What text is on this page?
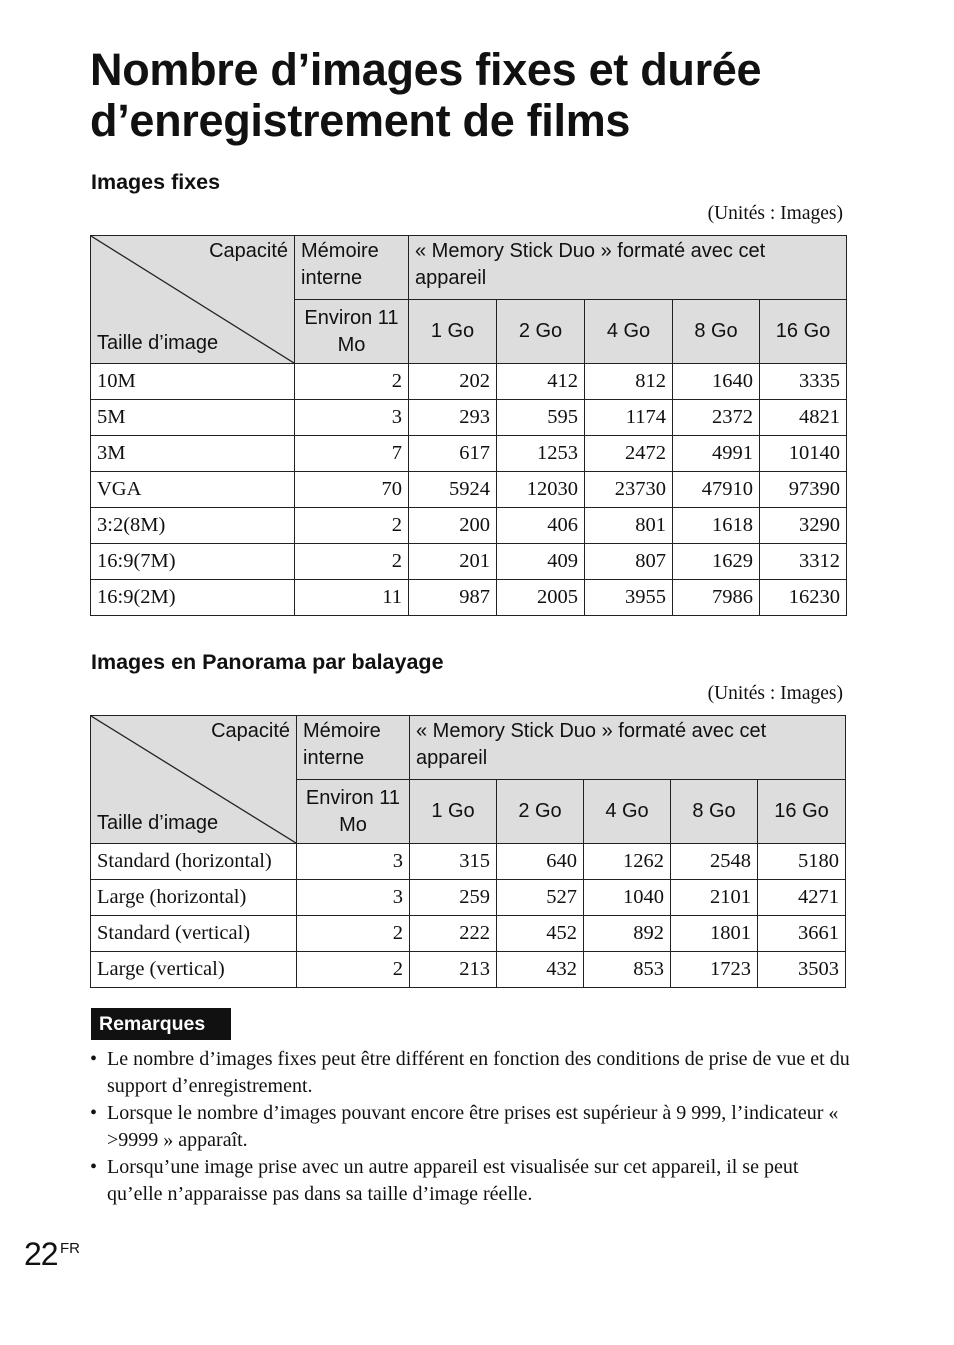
Nombre d’images fixes et durée d’enregistrement de films
Images fixes
(Unités : Images)
Capacité
Taille d’image	Mémoire interne	« Memory Stick Duo » formaté avec cet appareil				
	Environ 11 Mo	1 Go	2 Go	4 Go	8 Go	16 Go
10M	2	202	412	812	1640	3335
5M	3	293	595	1174	2372	4821
3M	7	617	1253	2472	4991	10140
VGA	70	5924	12030	23730	47910	97390
3:2(8M)	2	200	406	801	1618	3290
16:9(7M)	2	201	409	807	1629	3312
16:9(2M)	11	987	2005	3955	7986	16230
Images en Panorama par balayage
(Unités : Images)
Capacité
Taille d’image	Mémoire interne	« Memory Stick Duo » formaté avec cet appareil				
	Environ 11 Mo	1 Go	2 Go	4 Go	8 Go	16 Go
Standard (horizontal)	3	315	640	1262	2548	5180
Large (horizontal)	3	259	527	1040	2101	4271
Standard (vertical)	2	222	452	892	1801	3661
Large (vertical)	2	213	432	853	1723	3503
Remarques
• Le nombre d’images fixes peut être différent en fonction des conditions de prise de vue et du support d’enregistrement.
• Lorsque le nombre d’images pouvant encore être prises est supérieur à 9 999, l’indicateur « >9999 » apparaît.
• Lorsqu’une image prise avec un autre appareil est visualisée sur cet appareil, il se peut qu’elle n’apparaisse pas dans sa taille d’image réelle.
22 FR
